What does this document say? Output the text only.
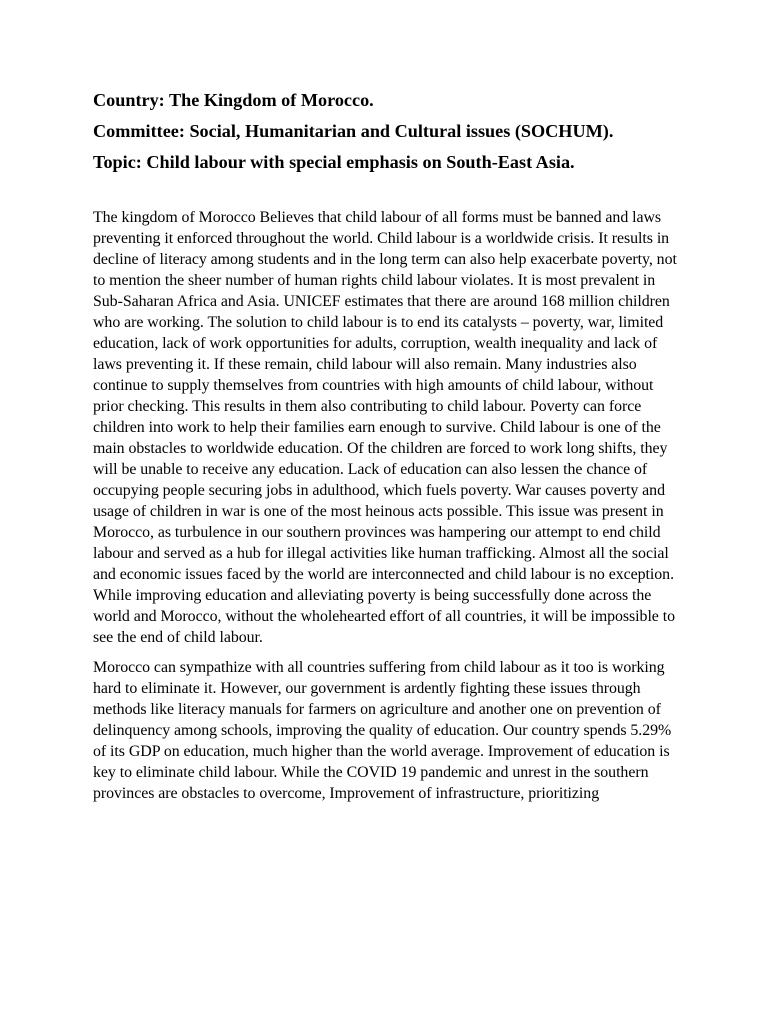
Country: The Kingdom of Morocco.
Committee: Social, Humanitarian and Cultural issues (SOCHUM).
Topic: Child labour with special emphasis on South-East Asia.

The kingdom of Morocco Believes that child labour of all forms must be banned and laws preventing it enforced throughout the world. Child labour is a worldwide crisis. It results in decline of literacy among students and in the long term can also help exacerbate poverty, not to mention the sheer number of human rights child labour violates. It is most prevalent in Sub-Saharan Africa and Asia. UNICEF estimates that there are around 168 million children who are working. The solution to child labour is to end its catalysts – poverty, war, limited education, lack of work opportunities for adults, corruption, wealth inequality and lack of laws preventing it. If these remain, child labour will also remain. Many industries also continue to supply themselves from countries with high amounts of child labour, without prior checking. This results in them also contributing to child labour. Poverty can force children into work to help their families earn enough to survive. Child labour is one of the main obstacles to worldwide education. Of the children are forced to work long shifts, they will be unable to receive any education. Lack of education can also lessen the chance of occupying people securing jobs in adulthood, which fuels poverty. War causes poverty and usage of children in war is one of the most heinous acts possible. This issue was present in Morocco, as turbulence in our southern provinces was hampering our attempt to end child labour and served as a hub for illegal activities like human trafficking. Almost all the social and economic issues faced by the world are interconnected and child labour is no exception. While improving education and alleviating poverty is being successfully done across the world and Morocco, without the wholehearted effort of all countries, it will be impossible to see the end of child labour.

Morocco can sympathize with all countries suffering from child labour as it too is working hard to eliminate it. However, our government is ardently fighting these issues through methods like literacy manuals for farmers on agriculture and another one on prevention of delinquency among schools, improving the quality of education. Our country spends 5.29% of its GDP on education, much higher than the world average. Improvement of education is key to eliminate child labour. While the COVID 19 pandemic and unrest in the southern provinces are obstacles to overcome, Improvement of infrastructure, prioritizing
